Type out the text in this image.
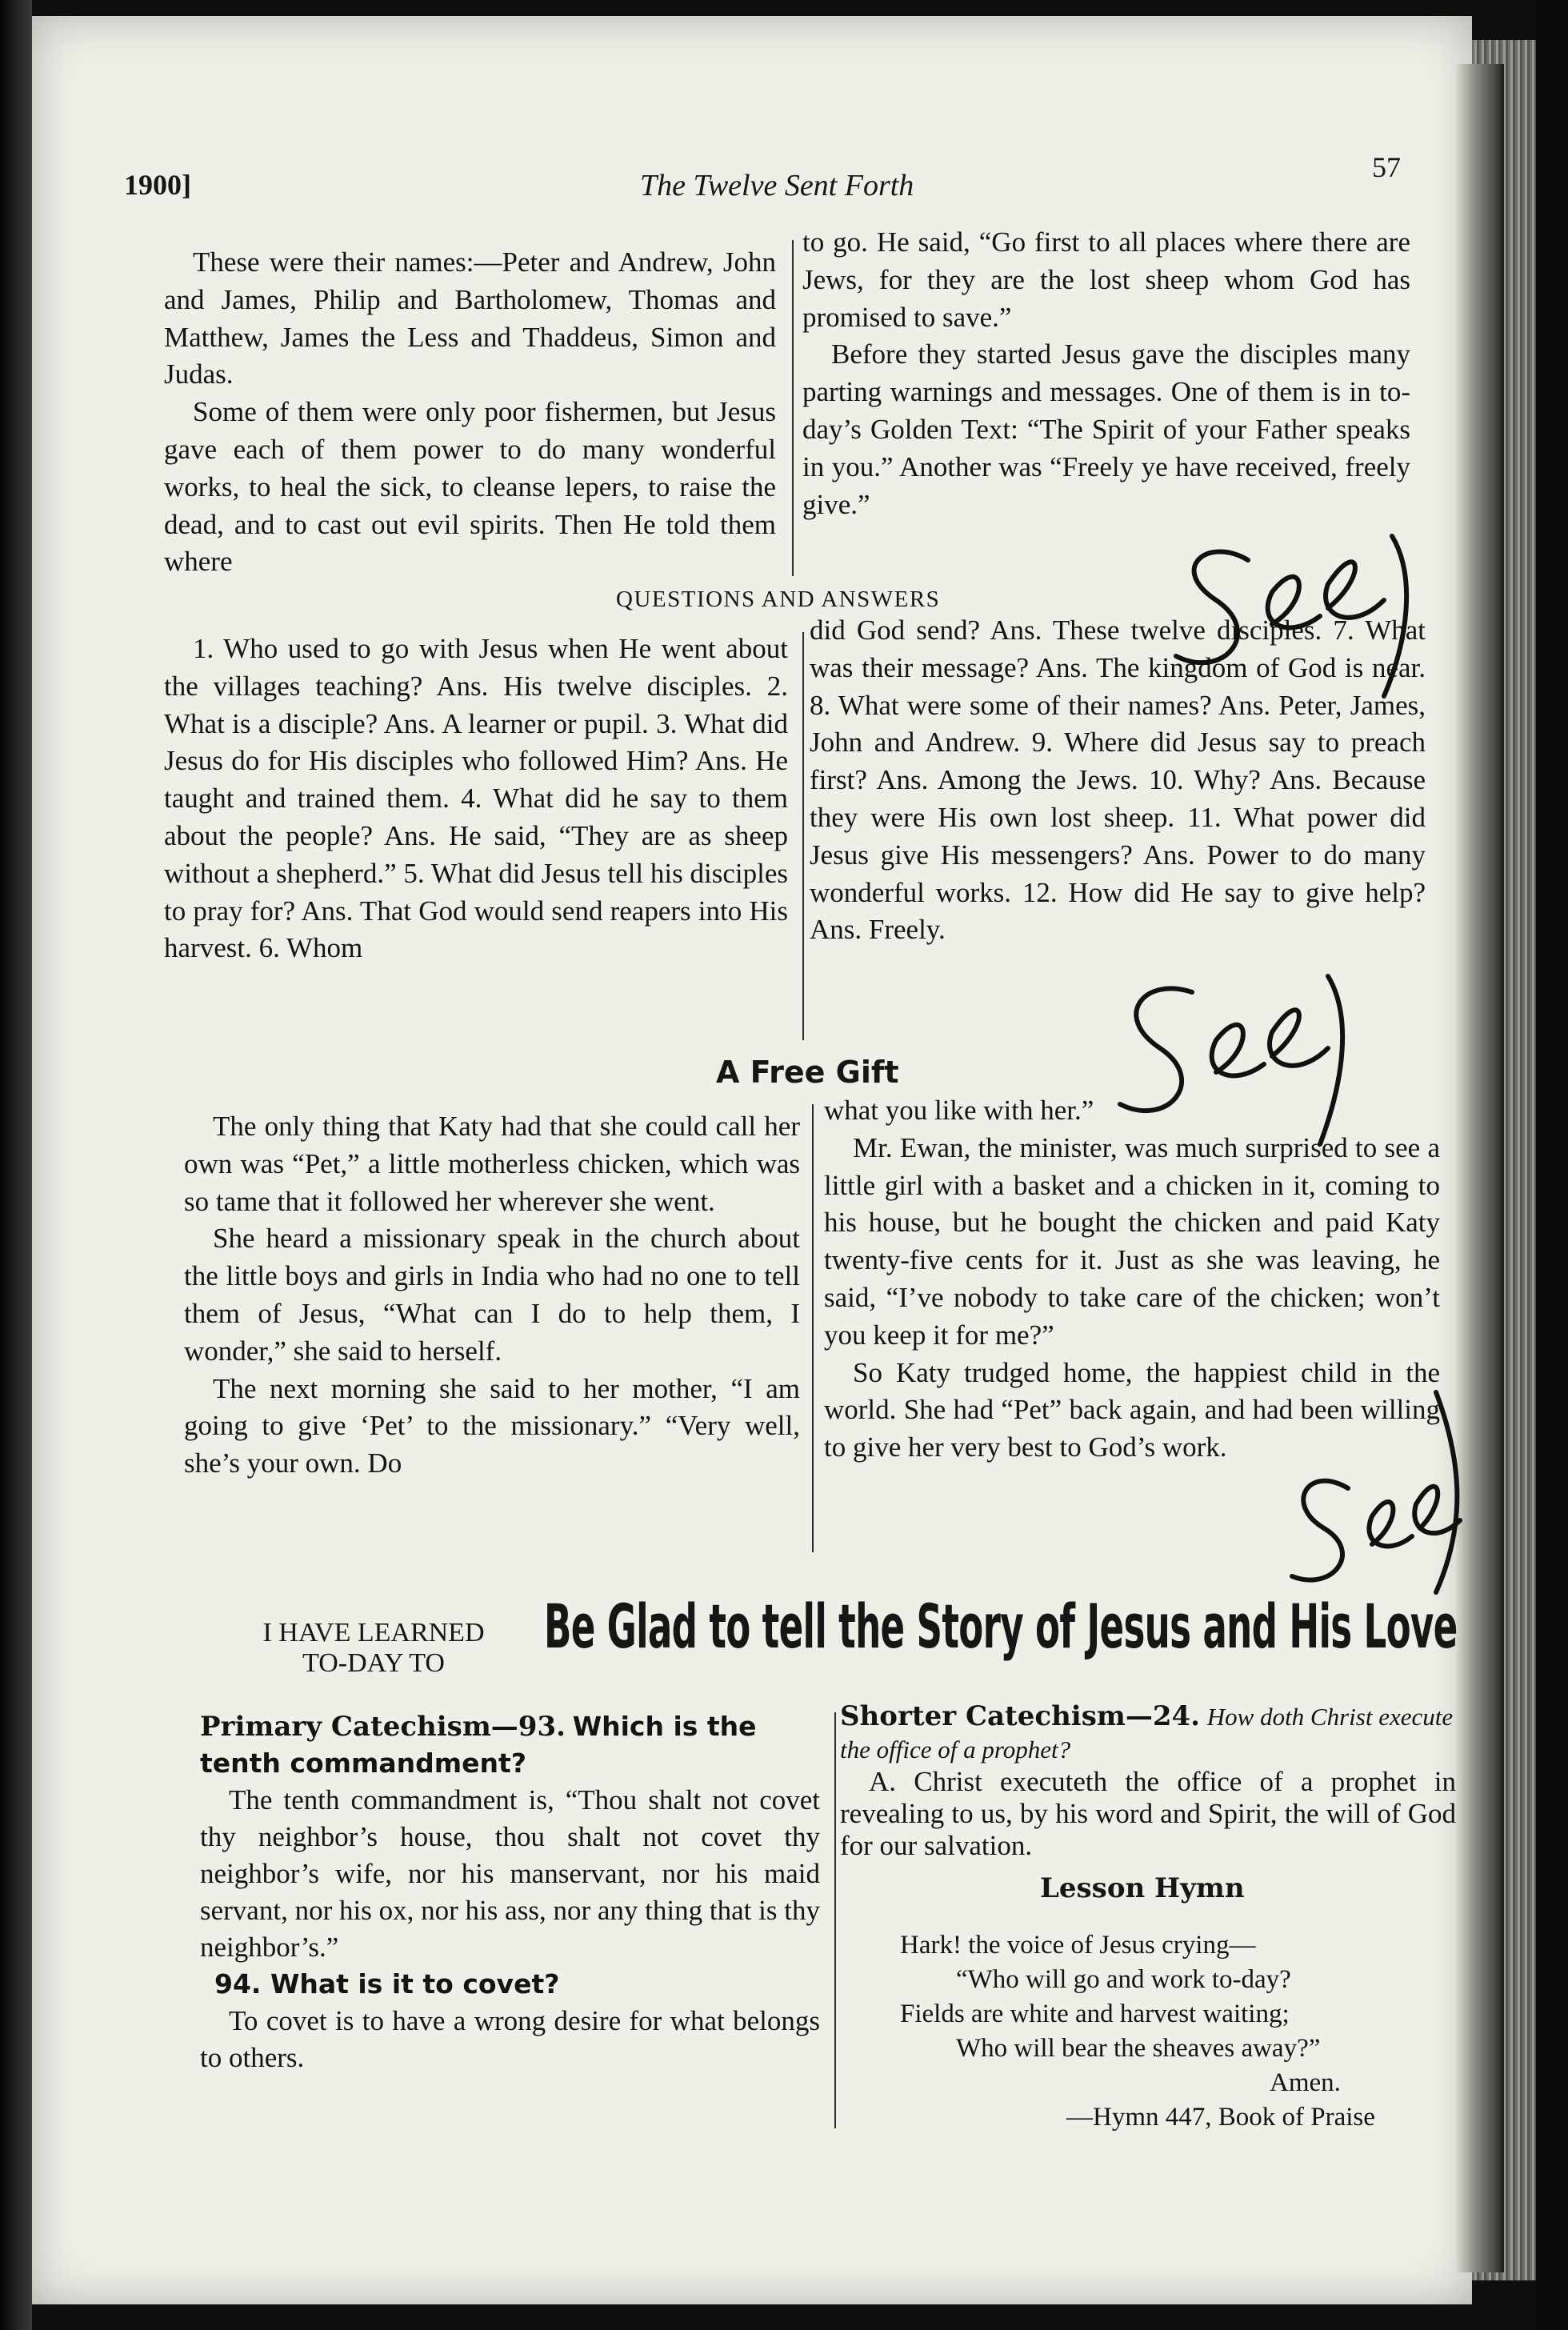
1900]	The Twelve Sent Forth
57

These were their names:—Peter and Andrew, John and James, Philip and Bartholomew, Thomas and Matthew, James the Less and Thaddeus, Simon and Judas.

Some of them were only poor fishermen, but Jesus gave each of them power to do many wonderful works, to heal the sick, to cleanse lepers, to raise the dead, and to cast out evil spirits. Then He told them where

to go. He said, “Go first to all places where there are Jews, for they are the lost sheep whom God has promised to save.”

Before they started Jesus gave the disciples many parting warnings and messages. One of them is in to-day’s Golden Text: “The Spirit of your Father speaks in you.” Another was “Freely ye have received, freely give.”

QUESTIONS AND ANSWERS

1. Who used to go with Jesus when He went about the villages teaching? Ans. His twelve disciples. 2. What is a disciple? Ans. A learner or pupil. 3. What did Jesus do for His disciples who followed Him? Ans. He taught and trained them. 4. What did he say to them about the people? Ans. He said, “They are as sheep without a shepherd.” 5. What did Jesus tell his disciples to pray for? Ans. That God would send reapers into His harvest. 6. Whom

did God send? Ans. These twelve disciples. 7. What was their message? Ans. The kingdom of God is near. 8. What were some of their names? Ans. Peter, James, John and Andrew. 9. Where did Jesus say to preach first? Ans. Among the Jews. 10. Why? Ans. Because they were His own lost sheep. 11. What power did Jesus give His messengers? Ans. Power to do many wonderful works. 12. How did He say to give help? Ans. Freely.

A Free Gift

The only thing that Katy had that she could call her own was “Pet,” a little motherless chicken, which was so tame that it followed her wherever she went.

She heard a missionary speak in the church about the little boys and girls in India who had no one to tell them of Jesus, “What can I do to help them, I wonder,” she said to herself.

The next morning she said to her mother, “I am going to give ‘Pet’ to the missionary.” “Very well, she’s your own. Do

what you like with her.”

Mr. Ewan, the minister, was much surprised to see a little girl with a basket and a chicken in it, coming to his house, but he bought the chicken and paid Katy twenty-five cents for it. Just as she was leaving, he said, “I’ve nobody to take care of the chicken; won’t you keep it for me?”

So Katy trudged home, the happiest child in the world. She had “Pet” back again, and had been willing to give her very best to God’s work.

I HAVE LEARNED
TO-DAY TO
Be Glad to tell the Story of Jesus and His Love
Primary Catechism—93. Which is the tenth commandment?

The tenth commandment is, “Thou shalt not covet thy neighbor’s house, thou shalt not covet thy neighbor’s wife, nor his manservant, nor his maid servant, nor his ox, nor his ass, nor any thing that is thy neighbor’s.”

94. What is it to covet?

To covet is to have a wrong desire for what belongs to others.

Shorter Catechism—24. How doth Christ execute the office of a prophet?

A. Christ executeth the office of a prophet in revealing to us, by his word and Spirit, the will of God for our salvation.

Lesson Hymn
Hark! the voice of Jesus crying—
“Who will go and work to-day?
Fields are white and harvest waiting;
Who will bear the sheaves away?”
Amen.
—Hymn 447, Book of Praise
